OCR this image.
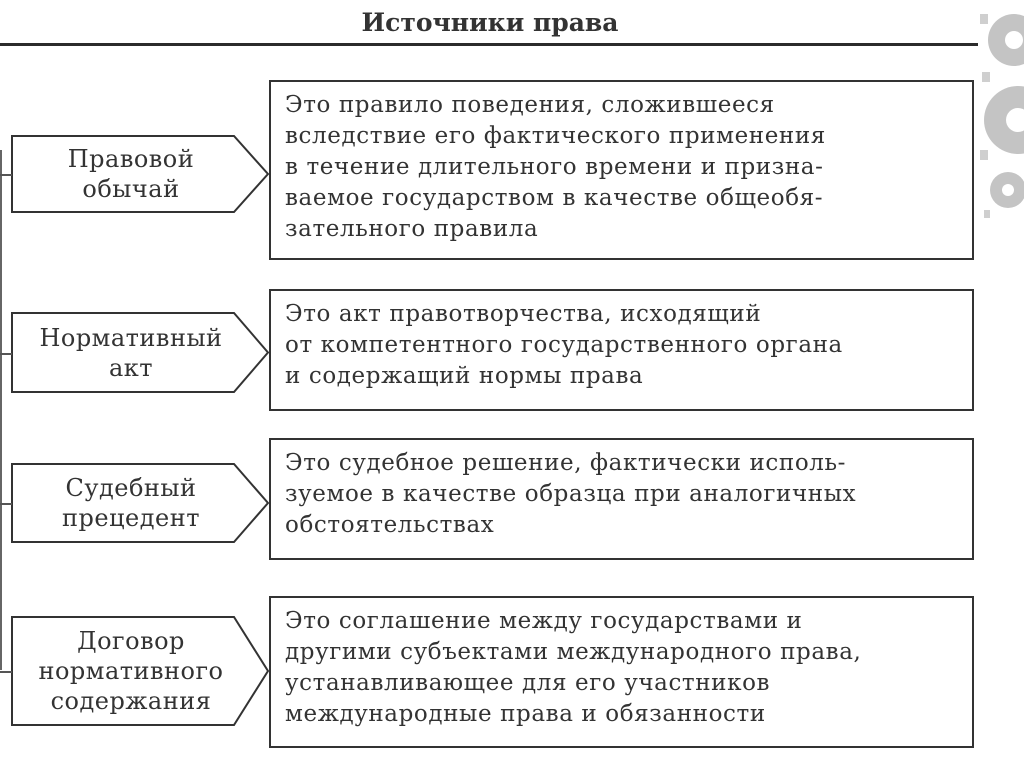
Источники права
Правовой
обычай
Это правило поведения, сложившееся
вследствие его фактического применения
в течение длительного времени и призна-
ваемое государством в качестве общеобя-
зательного правила
Нормативный
акт
Это акт правотворчества, исходящий
от компетентного государственного органа
и содержащий нормы права
Судебный
прецедент
Это судебное решение, фактически исполь-
зуемое в качестве образца при аналогичных
обстоятельствах
Договор
нормативного
содержания
Это соглашение между государствами и
другими субъектами международного права,
устанавливающее для его участников
международные права и обязанности
